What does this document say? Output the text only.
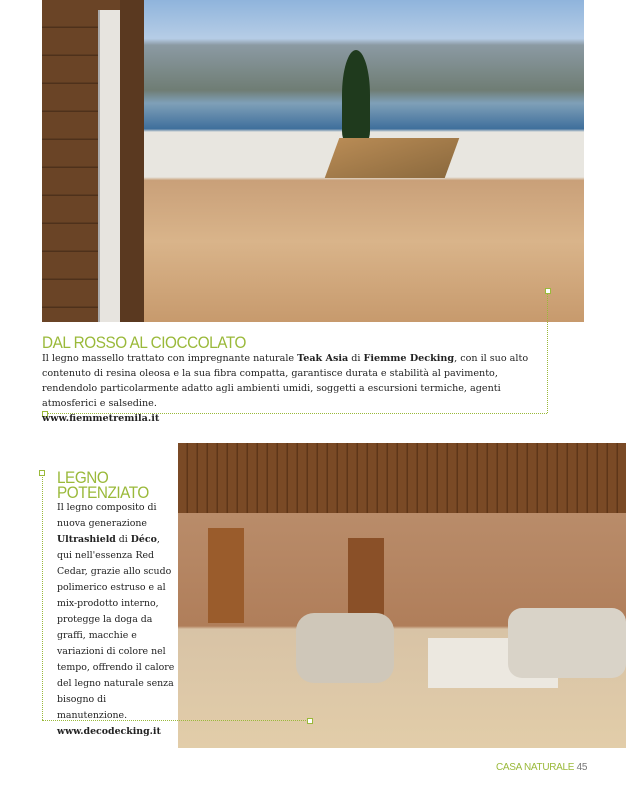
DAL ROSSO AL CIOCCOLATO
Il legno massello trattato con impregnante naturale Teak Asia di Fiemme Decking, con il suo alto contenuto di resina oleosa e la sua fibra compatta, garantisce durata e stabilità al pavimento, rendendolo particolarmente adatto agli ambienti umidi, soggetti a escursioni termiche, agenti atmosferici e salsedine.
www.fiemmetremila.it
LEGNO
POTENZIATO
Il legno composito di nuova generazione Ultrashield di Déco, qui nell'essenza Red Cedar, grazie allo scudo polimerico estruso e al mix-prodotto interno, protegge la doga da graffi, macchie e variazioni di colore nel tempo, offrendo il calore del legno naturale senza bisogno di manutenzione.
www.decodecking.it
CASA NATURALE 45
